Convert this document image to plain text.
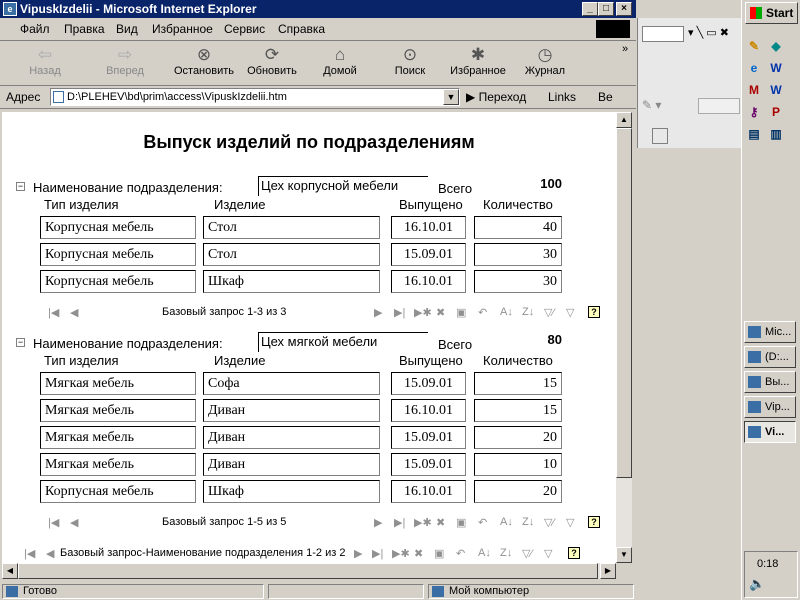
▾ ╲ ▭ ✖
✎ ▾
Start
✎ ◆
e	W
M W
⚷	P
▤ ▥
Mic...
(D:...
Вы...
Vip...
Vi...
0:18
🔈
e VipuskIzdelii - Microsoft Internet Explorer	_	□	×
Файл Правка Вид Избранное Сервис Справка
⇦
Назад
⇨
Вперед
⊗
Остановить
⟳
Обновить
⌂
Домой
⊙
Поиск
✱
Избранное
◷
Журнал
»
Адрес	D:\PLEHEV\bd\prim\access\VipuskIzdelii.htm	▼ ▶ Переход Links Ве
Выпуск изделий по подразделениям
− Наименование подразделения:	Цех корпусной мебели	Всего	100
Тип изделия	Изделие	Выпущено Количество
Корпусная мебель	Стол	16.10.01	40
Корпусная мебель	Стол	15.09.01	30
Корпусная мебель	Шкаф	16.10.01	30
|◀ ◀	Базовый запрос 1-3 из 3	▶ ▶| ▶✱ ✖ ▣ ↶ A↓ Z↓ ▽⁄ ▽	?
− Наименование подразделения:	Цех мягкой мебели	Всего	80
Тип изделия	Изделие	Выпущено Количество
Мягкая мебель	Софа	15.09.01	15
Мягкая мебель	Диван	16.10.01	15
Мягкая мебель	Диван	15.09.01	20
Мягкая мебель	Диван	15.09.01	10
Корпусная мебель	Шкаф	16.10.01	20
|◀ ◀	Базовый запрос 1-5 из 5	▶ ▶| ▶✱ ✖ ▣ ↶ A↓ Z↓ ▽⁄ ▽	?
|◀ ◀ Базовый запрос-Наименование подразделения 1-2 из 2 ▶ ▶| ▶✱ ✖ ▣ ↶ A↓ Z↓ ▽⁄ ▽	?
▲
▼
◀	▶
Готово	Мой компьютер
